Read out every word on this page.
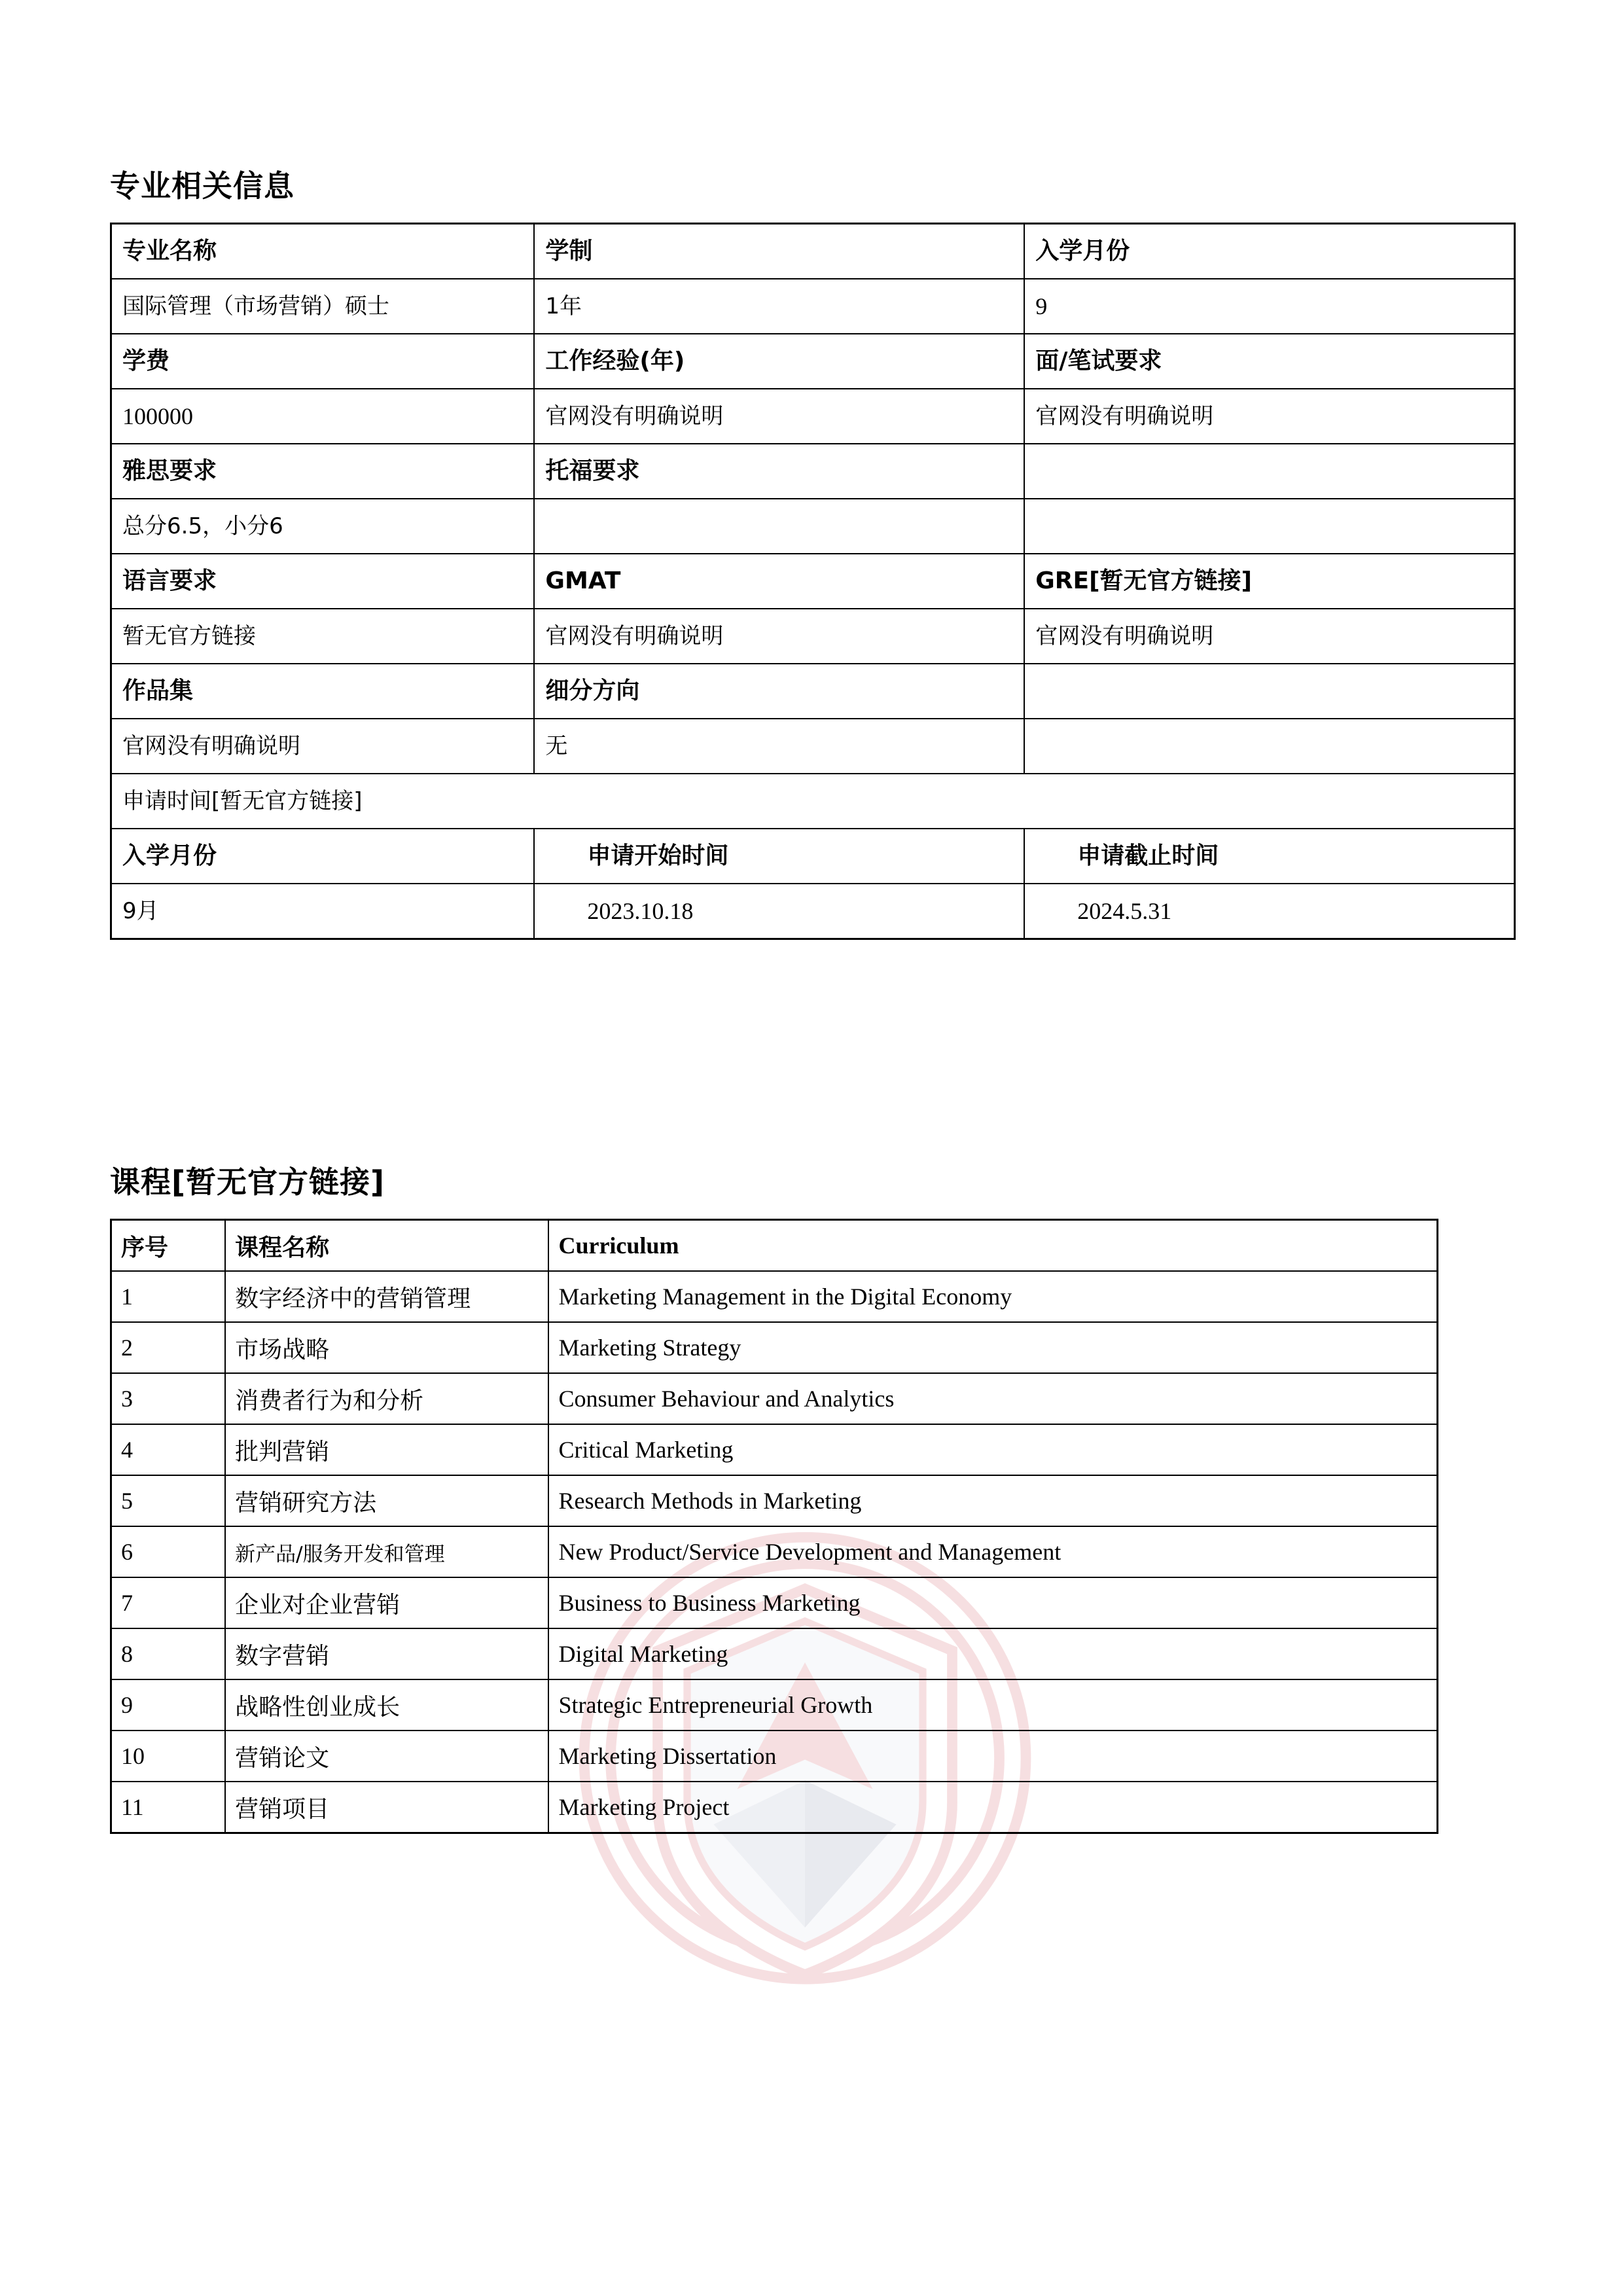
专业相关信息
专业名称	学制	入学月份
国际管理（市场营销）硕士	1年	9
学费	工作经验(年)	面/笔试要求
100000	官网没有明确说明	官网没有明确说明
雅思要求	托福要求	
总分6.5，小分6		
语言要求	GMAT	GRE[暂无官方链接]
暂无官方链接	官网没有明确说明	官网没有明确说明
作品集	细分方向	
官网没有明确说明	无	
申请时间[暂无官方链接]		
入学月份	申请开始时间	申请截止时间
9月	2023.10.18	2024.5.31
课程[暂无官方链接]
序号	课程名称	Curriculum
1	数字经济中的营销管理	Marketing Management in the Digital Economy
2	市场战略	Marketing Strategy
3	消费者行为和分析	Consumer Behaviour and Analytics
4	批判营销	Critical Marketing
5	营销研究方法	Research Methods in Marketing
6	新产品/服务开发和管理	New Product/Service Development and Management
7	企业对企业营销	Business to Business Marketing
8	数字营销	Digital Marketing
9	战略性创业成长	Strategic Entrepreneurial Growth
10	营销论文	Marketing Dissertation
11	营销项目	Marketing Project
